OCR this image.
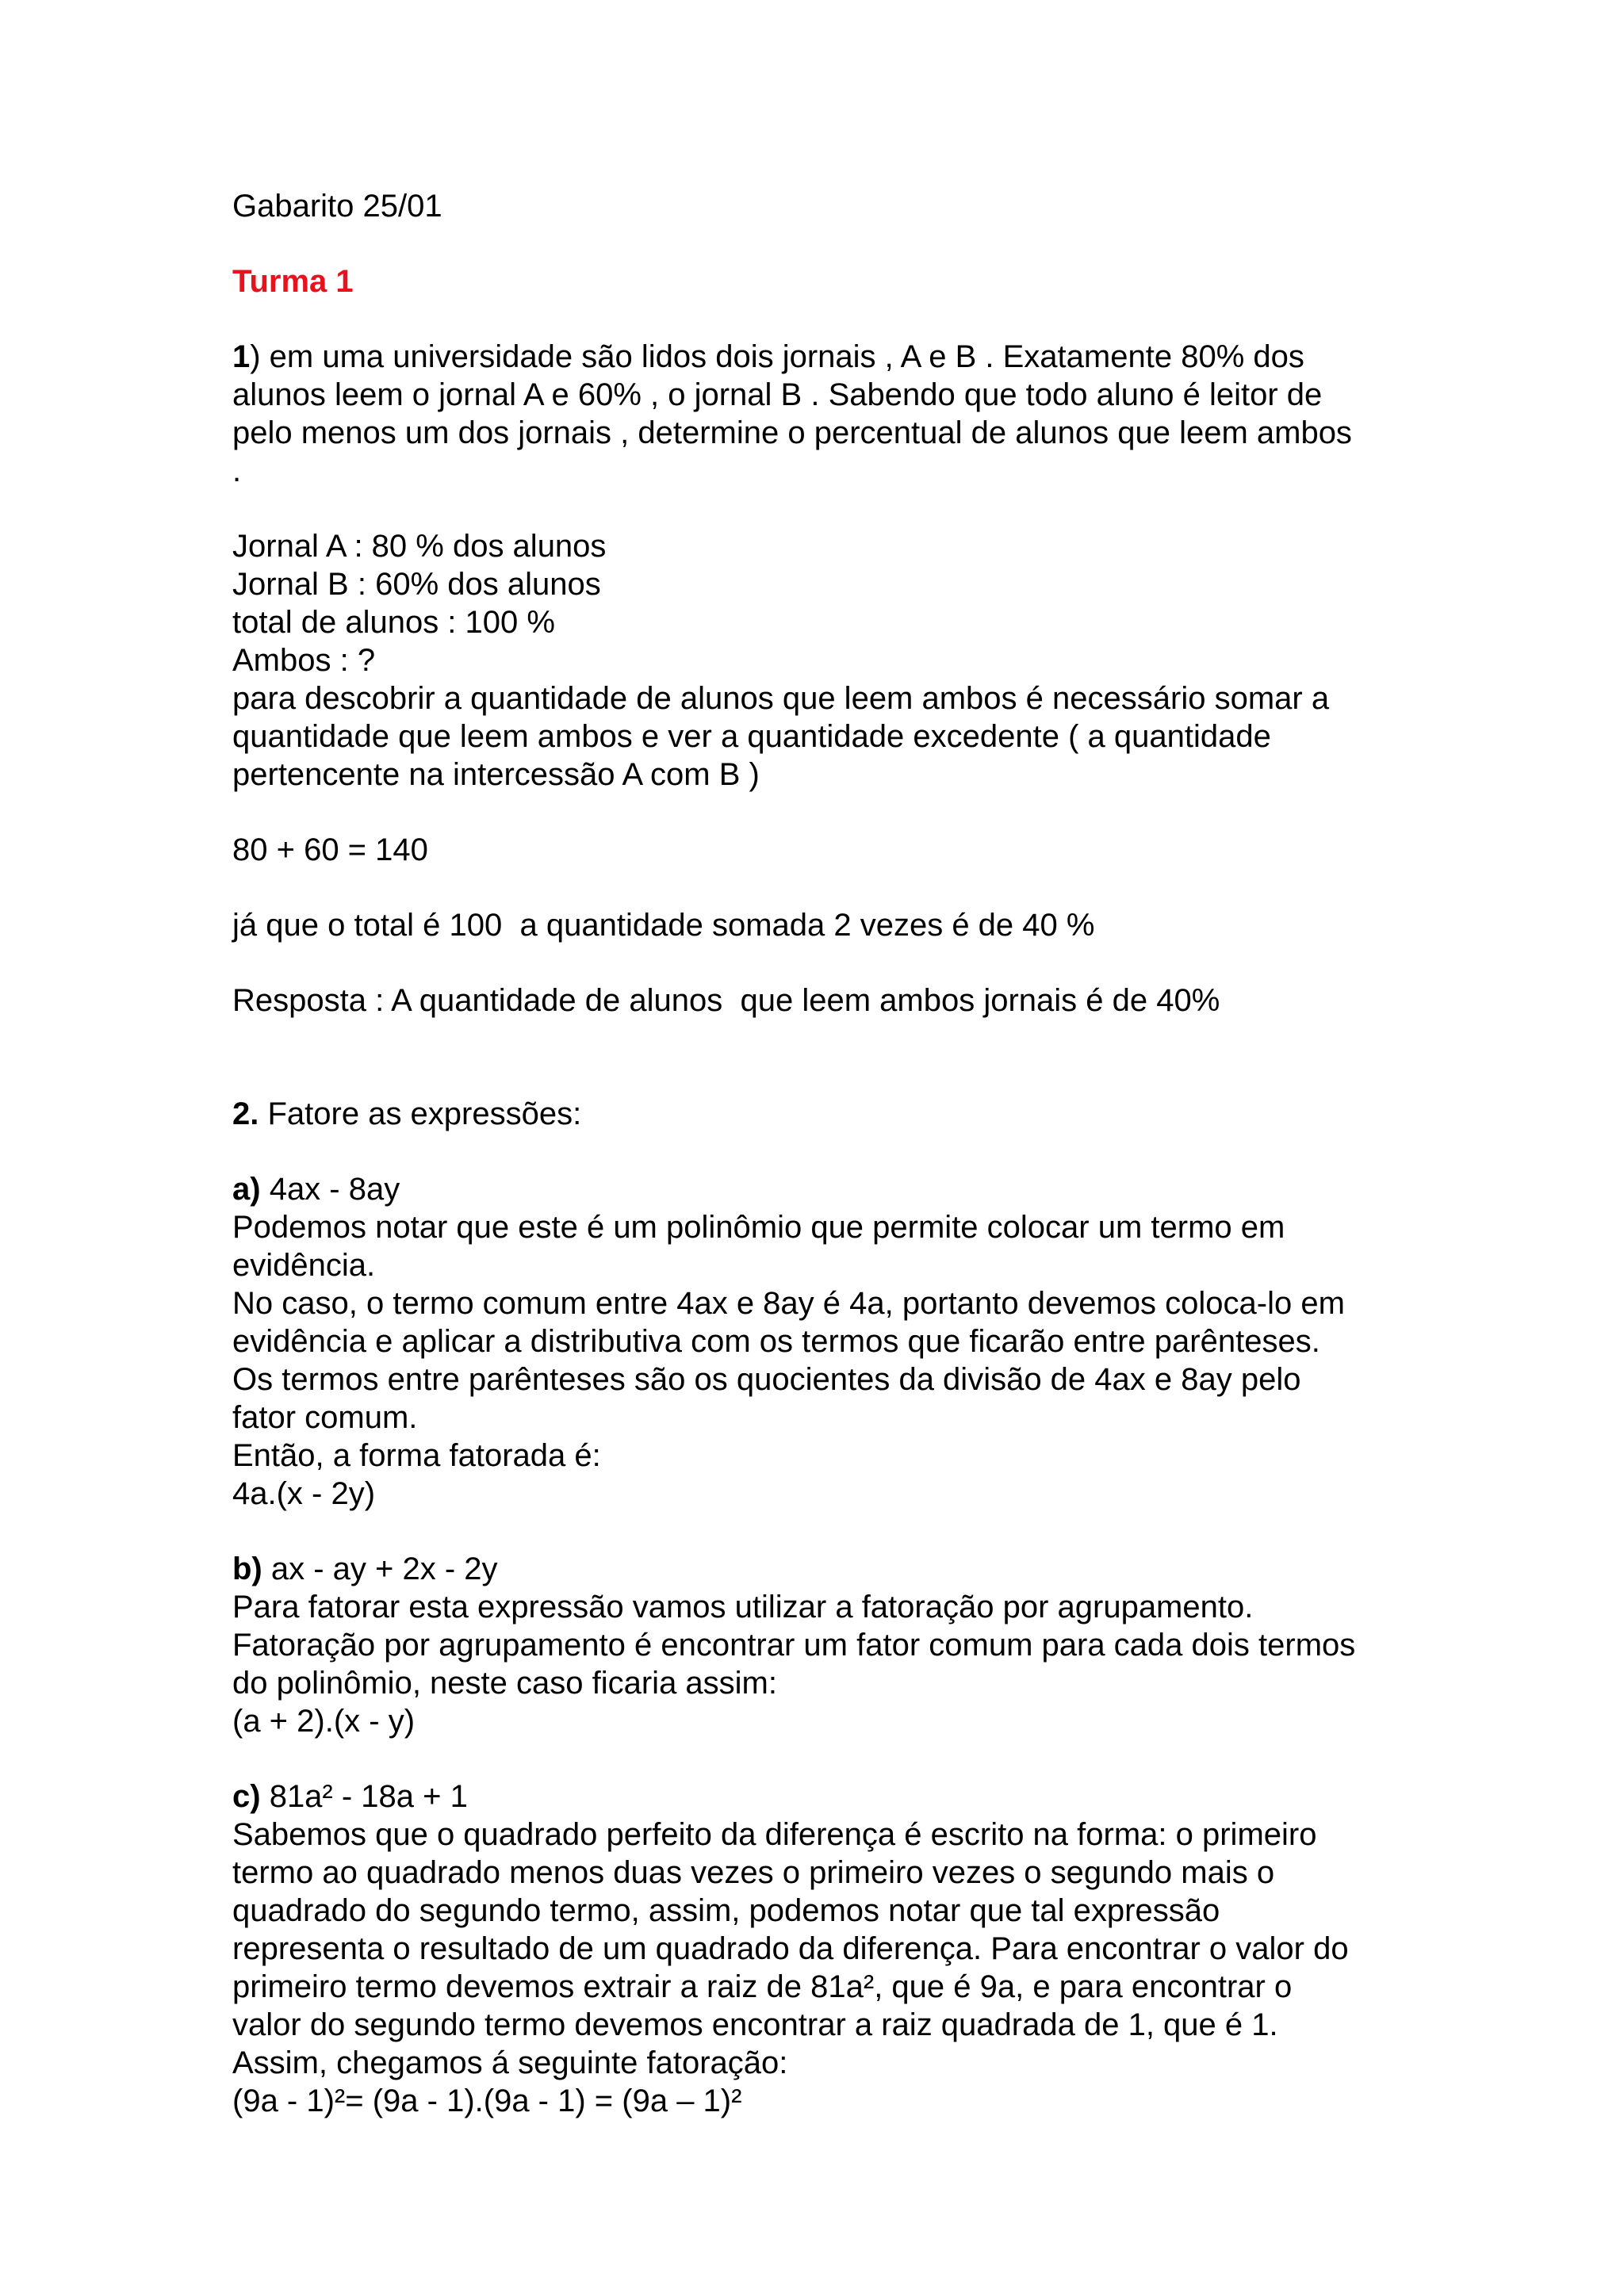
Gabarito 25/01

Turma 1

1) em uma universidade são lidos dois jornais , A e B . Exatamente 80% dos

alunos leem o jornal A e 60% , o jornal B . Sabendo que todo aluno é leitor de

pelo menos um dos jornais , determine o percentual de alunos que leem ambos

.

Jornal A : 80 % dos alunos

Jornal B : 60% dos alunos

total de alunos : 100 %

Ambos : ?

para descobrir a quantidade de alunos que leem ambos é necessário somar a

quantidade que leem ambos e ver a quantidade excedente ( a quantidade

pertencente na intercessão A com B )

80 + 60 = 140

já que o total é 100  a quantidade somada 2 vezes é de 40 %

Resposta : A quantidade de alunos  que leem ambos jornais é de 40%

2. Fatore as expressões:

a) 4ax - 8ay

Podemos notar que este é um polinômio que permite colocar um termo em

evidência.

No caso, o termo comum entre 4ax e 8ay é 4a, portanto devemos coloca-lo em

evidência e aplicar a distributiva com os termos que ficarão entre parênteses.

Os termos entre parênteses são os quocientes da divisão de 4ax e 8ay pelo

fator comum.

Então, a forma fatorada é:

4a.(x - 2y)

b) ax - ay + 2x - 2y

Para fatorar esta expressão vamos utilizar a fatoração por agrupamento.

Fatoração por agrupamento é encontrar um fator comum para cada dois termos

do polinômio, neste caso ficaria assim:

(a + 2).(x - y)

c) 81a² - 18a + 1

Sabemos que o quadrado perfeito da diferença é escrito na forma: o primeiro

termo ao quadrado menos duas vezes o primeiro vezes o segundo mais o

quadrado do segundo termo, assim, podemos notar que tal expressão

representa o resultado de um quadrado da diferença. Para encontrar o valor do

primeiro termo devemos extrair a raiz de 81a², que é 9a, e para encontrar o

valor do segundo termo devemos encontrar a raiz quadrada de 1, que é 1.

Assim, chegamos á seguinte fatoração:

(9a - 1)²= (9a - 1).(9a - 1) = (9a – 1)²
